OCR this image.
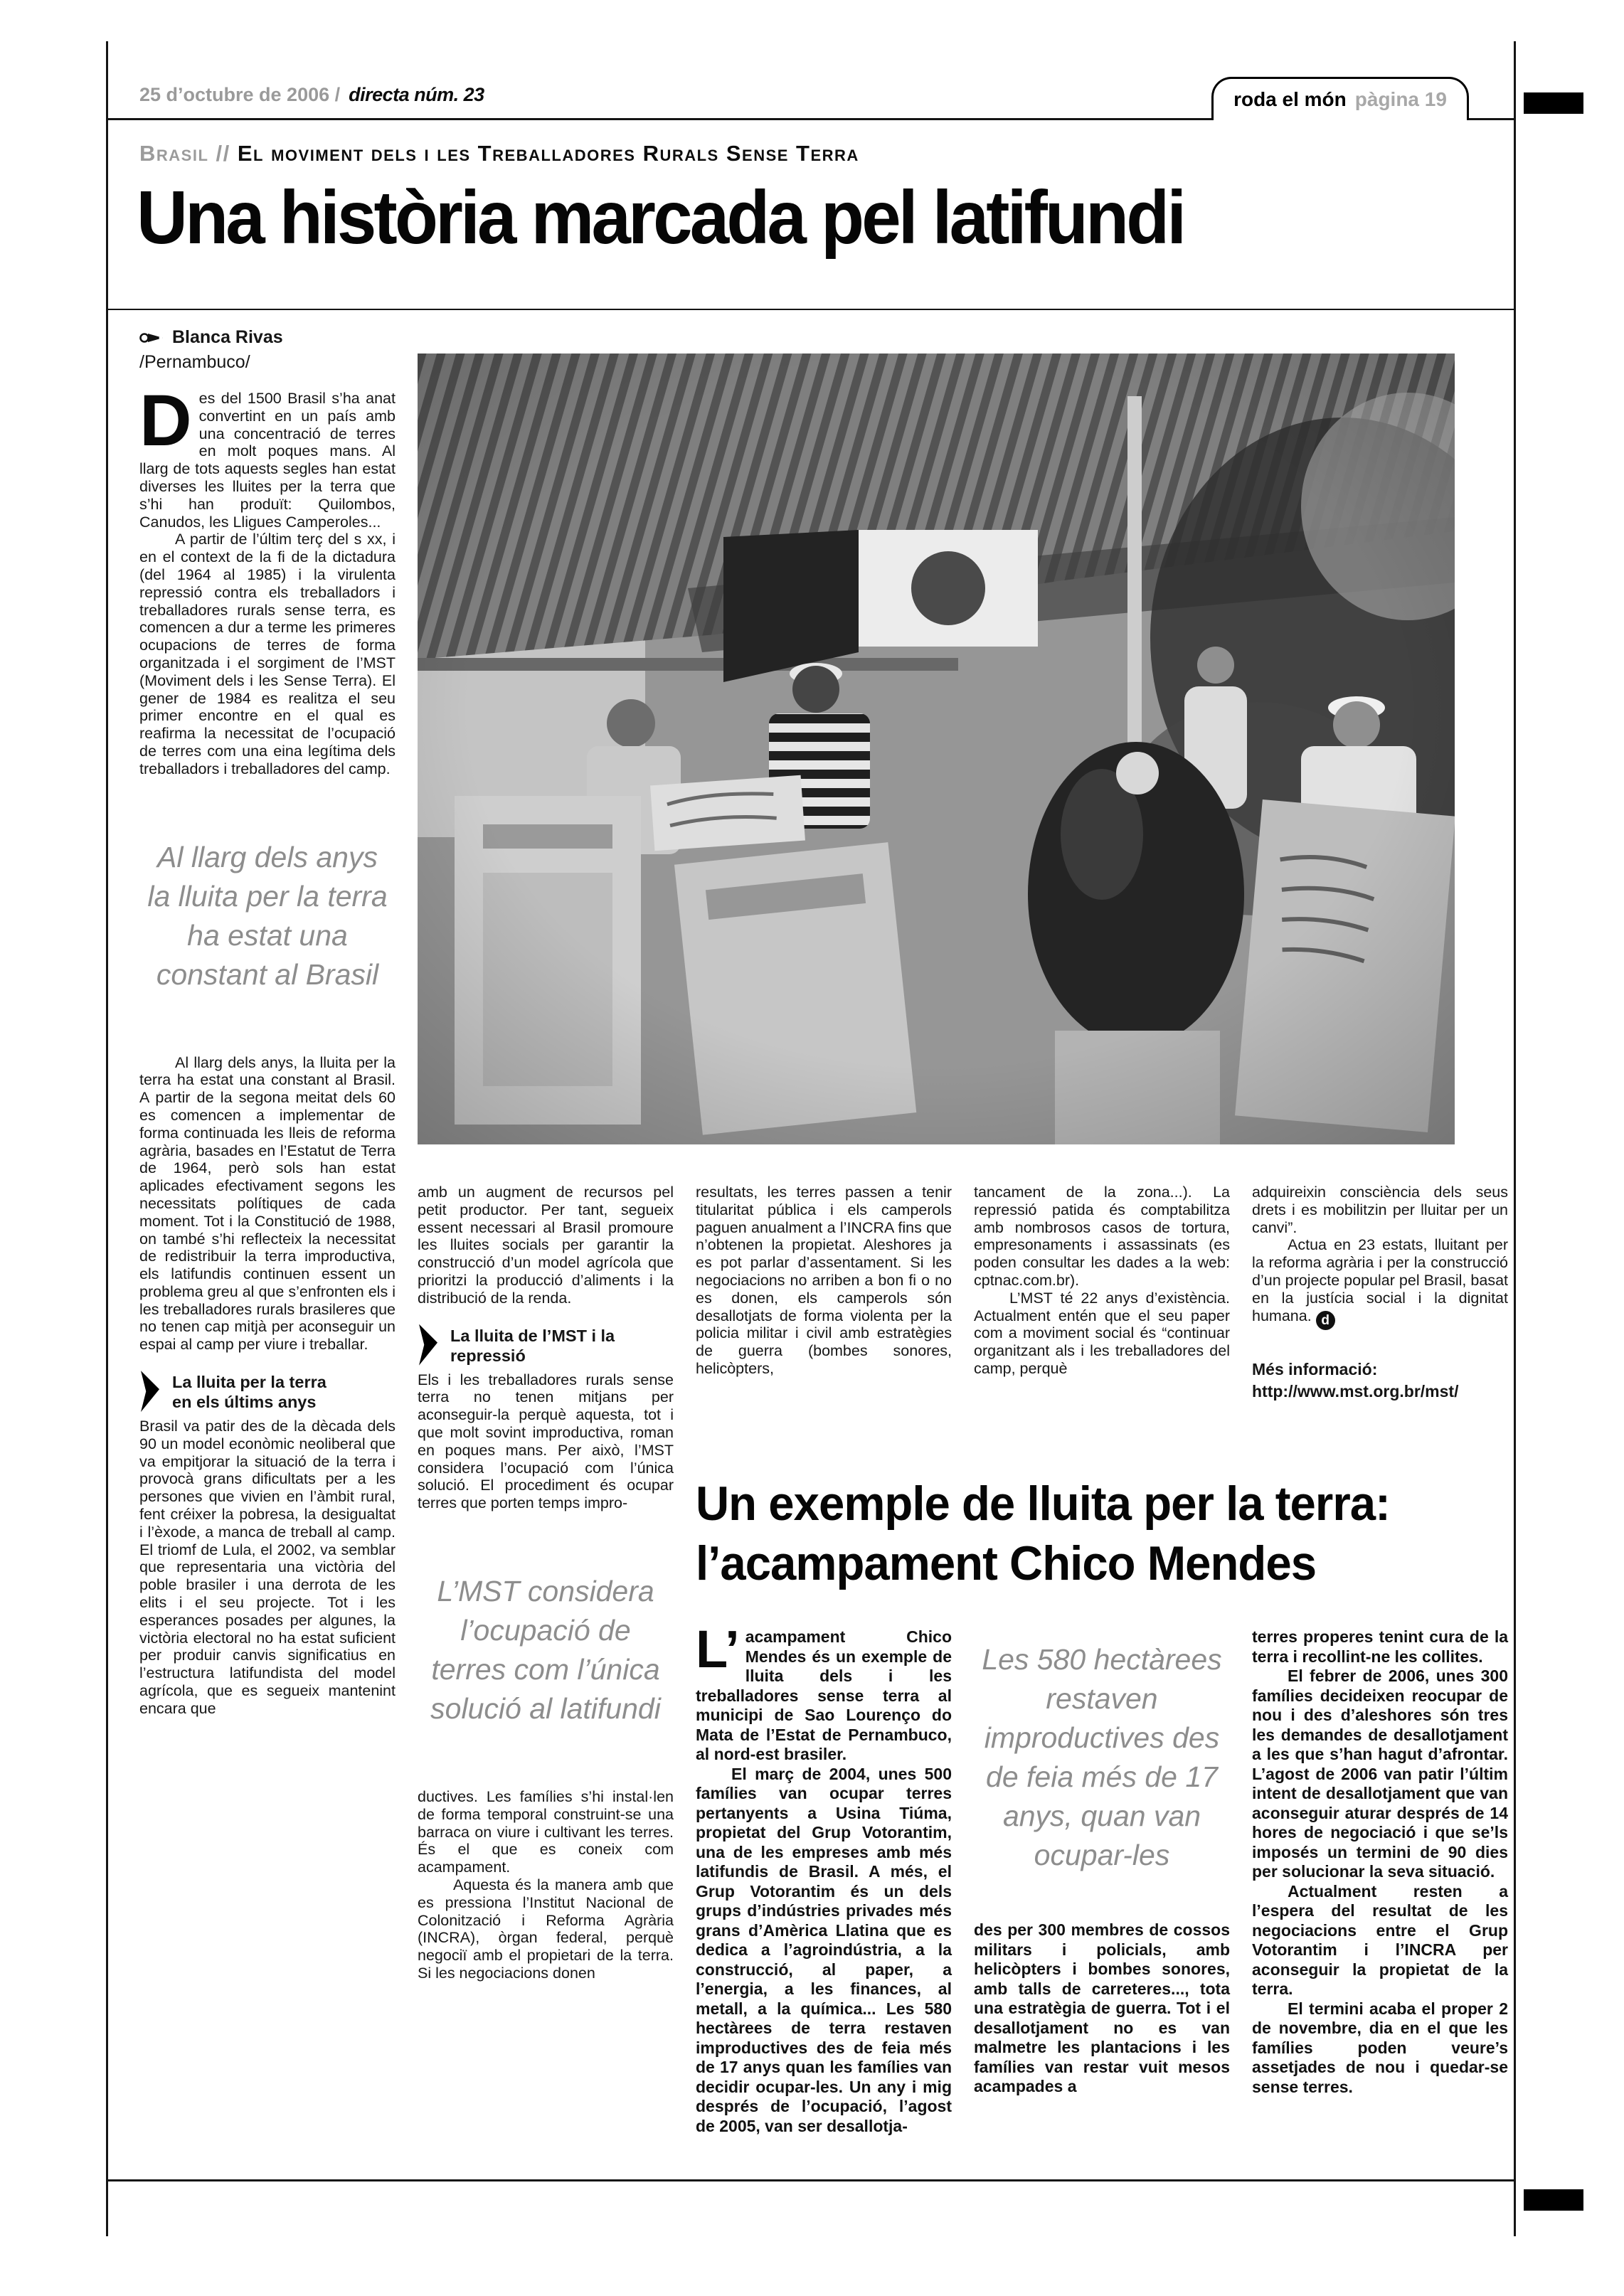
25 d’octubre de 2006 / directa núm. 23	roda el món pàgina 19
Brasil // El moviment dels i les Treballadores Rurals Sense Terra
Una història marcada pel latifundi
Blanca Rivas
/Pernambuco/
Des del 1500 Brasil s’ha anat convertint en un país amb una concentració de terres en molt poques mans. Al llarg de tots aquests segles han estat diverses les lluites per la terra que s’hi han produït: Quilombos, Canudos, les Lligues Camperoles...

A partir de l’últim terç del s xx, i en el context de la fi de la dictadura (del 1964 al 1985) i la virulenta repressió contra els treballadors i treballadores rurals sense terra, es comencen a dur a terme les primeres ocupacions de terres de forma organitzada i el sorgiment de l’MST (Moviment dels i les Sense Terra). El gener de 1984 es realitza el seu primer encontre en el qual es reafirma la necessitat de l’ocupació de terres com una eina legítima dels treballadors i treballadores del camp.

Al llarg dels anys la lluita per la terra ha estat una constant al Brasil

Al llarg dels anys, la lluita per la terra ha estat una constant al Brasil. A partir de la segona meitat dels 60 es comencen a implementar de forma continuada les lleis de reforma agrària, basades en l’Estatut de Terra de 1964, però sols han estat aplicades efectivament segons les necessitats polítiques de cada moment. Tot i la Constitució de 1988, on també s’hi reflecteix la necessitat de redistribuir la terra improductiva, els latifundis continuen essent un problema greu al que s’enfronten els i les treballadores rurals brasileres que no tenen cap mitjà per aconseguir un espai al camp per viure i treballar.

La lluita per la terra
en els últims anys

Brasil va patir des de la dècada dels 90 un model econòmic neoliberal que va empitjorar la situació de la terra i provocà grans dificultats per a les persones que vivien en l’àmbit rural, fent créixer la pobresa, la desigualtat i l’èxode, a manca de treball al camp. El triomf de Lula, el 2002, va semblar que representaria una victòria del poble brasiler i una derrota de les elits i el seu projecte. Tot i les esperances posades per algunes, la victòria electoral no ha estat suficient per produir canvis significatius en l’estructura latifundista del model agrícola, que es segueix mantenint encara que

amb un augment de recursos pel petit productor. Per tant, segueix essent necessari al Brasil promoure les lluites socials per garantir la construcció d’un model agrícola que prioritzi la producció d’aliments i la distribució de la renda.

La lluita de l’MST i la repressió

Els i les treballadores rurals sense terra no tenen mitjans per aconseguir-la perquè aquesta, tot i que molt sovint improductiva, roman en poques mans. Per això, l’MST considera l’ocupació com l’única solució. El procediment és ocupar terres que porten temps impro-

L’MST considera l’ocupació de terres com l’única solució al latifundi

ductives. Les famílies s’hi instal·len de forma temporal construint-se una barraca on viure i cultivant les terres. És el que es coneix com acampament.

Aquesta és la manera amb que es pressiona l’Institut Nacional de Colonització i Reforma Agrària (INCRA), òrgan federal, perquè negociï amb el propietari de la terra. Si les negociacions donen

resultats, les terres passen a tenir titularitat pública i els camperols paguen anualment a l’INCRA fins que n’obtenen la propietat. Aleshores ja es pot parlar d’assentament. Si les negociacions no arriben a bon fi o no es donen, els camperols són desallotjats de forma violenta per la policia militar i civil amb estratègies de guerra (bombes sonores, helicòpters,

tancament de la zona...). La repressió patida és comptabilitza amb nombrosos casos de tortura, empresonaments i assassinats (es poden consultar les dades a la web: cptnac.com.br).

L’MST té 22 anys d’existència. Actualment entén que el seu paper com a moviment social és “continuar organitzant als i les treballadores del camp, perquè

adquireixin consciència dels seus drets i es mobilitzin per lluitar per un canvi”.

Actua en 23 estats, lluitant per la reforma agrària i per la construcció d’un projecte popular pel Brasil, basat en la justícia social i la dignitat humana. d

Més informació:
http://www.mst.org.br/mst/
Un exemple de lluita per la terra:
l’acampament Chico Mendes
L’ acampament Chico Mendes és un exemple de lluita dels i les treballadores sense terra al municipi de Sao Lourenço do Mata de l’Estat de Pernambuco, al nord-est brasiler.

El març de 2004, unes 500 famílies van ocupar terres pertanyents a Usina Tiúma, propietat del Grup Votorantim, una de les empreses amb més latifundis de Brasil. A més, el Grup Votorantim és un dels grups d’indústries privades més grans d’Amèrica Llatina que es dedica a l’agroindústria, a la construcció, al paper, a l’energia, a les finances, al metall, a la química... Les 580 hectàrees de terra restaven improductives des de feia més de 17 anys quan les famílies van decidir ocupar-les. Un any i mig després de l’ocupació, l’agost de 2005, van ser desallotja-

Les 580 hectàrees restaven improductives des de feia més de 17 anys, quan van ocupar-les

des per 300 membres de cossos militars i policials, amb helicòpters i bombes sonores, amb talls de carreteres..., tota una estratègia de guerra. Tot i el desallotjament no es van malmetre les plantacions i les famílies van restar vuit mesos acampades a

terres properes tenint cura de la terra i recollint-ne les collites.

El febrer de 2006, unes 300 famílies decideixen reocupar de nou i des d’aleshores són tres les demandes de desallotjament a les que s’han hagut d’afrontar. L’agost de 2006 van patir l’últim intent de desallotjament que van aconseguir aturar després de 14 hores de negociació i que se’ls imposés un termini de 90 dies per solucionar la seva situació.

Actualment resten a l’espera del resultat de les negociacions entre el Grup Votorantim i l’INCRA per aconseguir la propietat de la terra.

El termini acaba el proper 2 de novembre, dia en el que les famílies poden veure’s assetjades de nou i quedar-se sense terres.
